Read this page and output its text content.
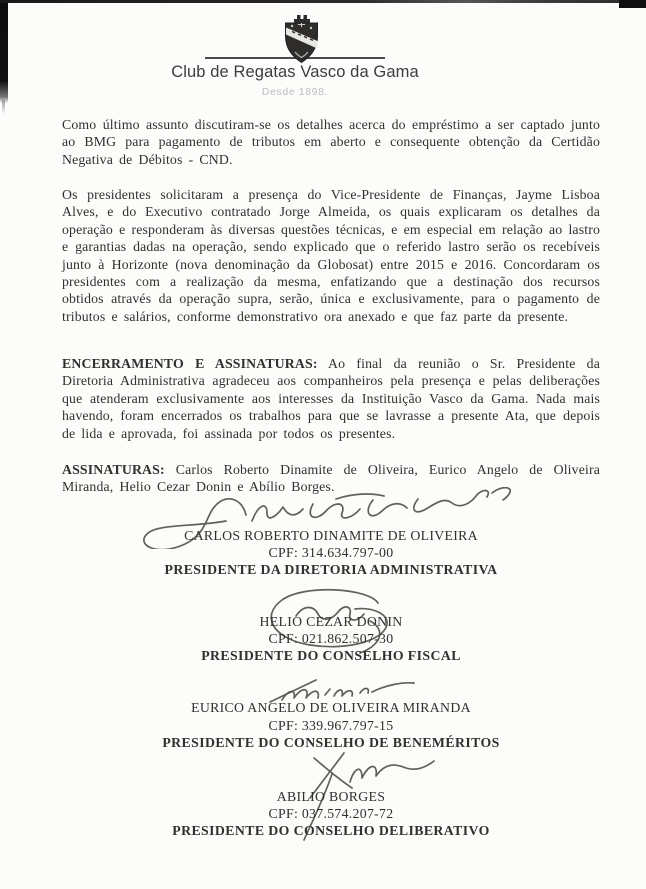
Club de Regatas Vasco da Gama
Desde 1898.

Como último assunto discutiram-se os detalhes acerca do empréstimo a ser captado junto ao BMG para pagamento de tributos em aberto e consequente obtenção da Certidão Negativa de Débitos - CND.

Os presidentes solicitaram a presença do Vice-Presidente de Finanças, Jayme Lisboa Alves, e do Executivo contratado Jorge Almeida, os quais explicaram os detalhes da operação e responderam às diversas questões técnicas, e em especial em relação ao lastro e garantias dadas na operação, sendo explicado que o referido lastro serão os recebíveis junto à Horizonte (nova denominação da Globosat) entre 2015 e 2016. Concordaram os presidentes com a realização da mesma, enfatizando que a destinação dos recursos obtidos através da operação supra, serão, única e exclusivamente, para o pagamento de tributos e salários, conforme demonstrativo ora anexado e que faz parte da presente.

ENCERRAMENTO E ASSINATURAS: Ao final da reunião o Sr. Presidente da Diretoria Administrativa agradeceu aos companheiros pela presença e pelas deliberações que atenderam exclusivamente aos interesses da Instituição Vasco da Gama. Nada mais havendo, foram encerrados os trabalhos para que se lavrasse a presente Ata, que depois de lida e aprovada, foi assinada por todos os presentes.

ASSINATURAS: Carlos Roberto Dinamite de Oliveira, Eurico Angelo de Oliveira Miranda, Helio Cezar Donin e Abílio Borges.

CARLOS ROBERTO DINAMITE DE OLIVEIRA
CPF: 314.634.797-00
PRESIDENTE DA DIRETORIA ADMINISTRATIVA
HELIO CEZAR DONIN
CPF: 021.862.507-30
PRESIDENTE DO CONSELHO FISCAL
EURICO ANGELO DE OLIVEIRA MIRANDA
CPF: 339.967.797-15
PRESIDENTE DO CONSELHO DE BENEMÉRITOS
ABILIO BORGES
CPF: 037.574.207-72
PRESIDENTE DO CONSELHO DELIBERATIVO
